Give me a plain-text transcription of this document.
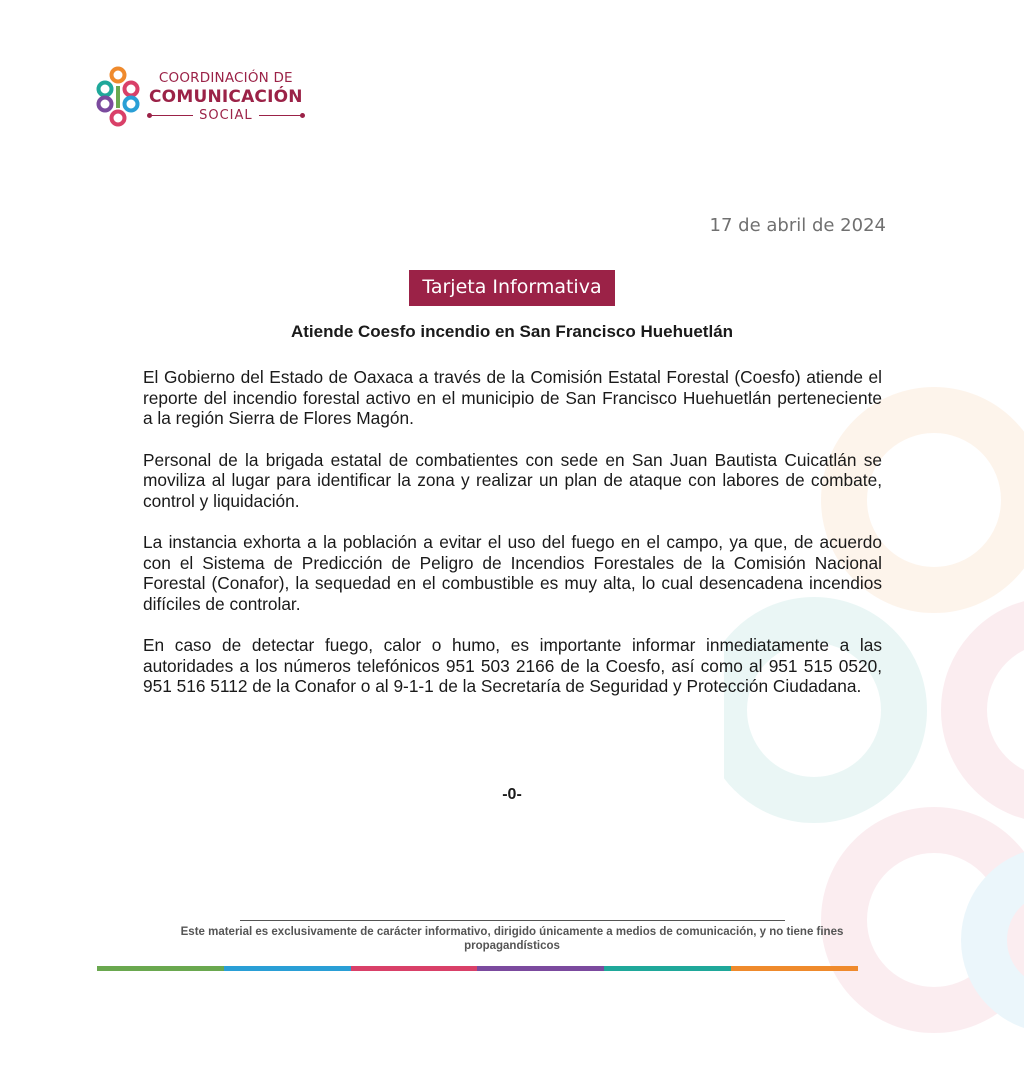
COORDINACIÓN DE
COMUNICACIÓN
SOCIAL
17 de abril de 2024
Tarjeta Informativa
Atiende Coesfo incendio en San Francisco Huehuetlán

El Gobierno del Estado de Oaxaca a través de la Comisión Estatal Forestal (Coesfo) atiende el reporte del incendio forestal activo en el municipio de San Francisco Huehuetlán perteneciente a la región Sierra de Flores Magón.

Personal de la brigada estatal de combatientes con sede en San Juan Bautista Cuicatlán se moviliza al lugar para identificar la zona y realizar un plan de ataque con labores de combate, control y liquidación.

La instancia exhorta a la población a evitar el uso del fuego en el campo, ya que, de acuerdo con el Sistema de Predicción de Peligro de Incendios Forestales de la Comisión Nacional Forestal (Conafor), la sequedad en el combustible es muy alta, lo cual desencadena incendios difíciles de controlar.

En caso de detectar fuego, calor o humo, es importante informar inmediatamente a las autoridades a los números telefónicos 951 503 2166 de la Coesfo, así como al 951 515 0520, 951 516 5112 de la Conafor o al 9-1-1 de la Secretaría de Seguridad y Protección Ciudadana.

-0-
Este material es exclusivamente de carácter informativo, dirigido únicamente a medios de comunicación, y no tiene fines propagandísticos
